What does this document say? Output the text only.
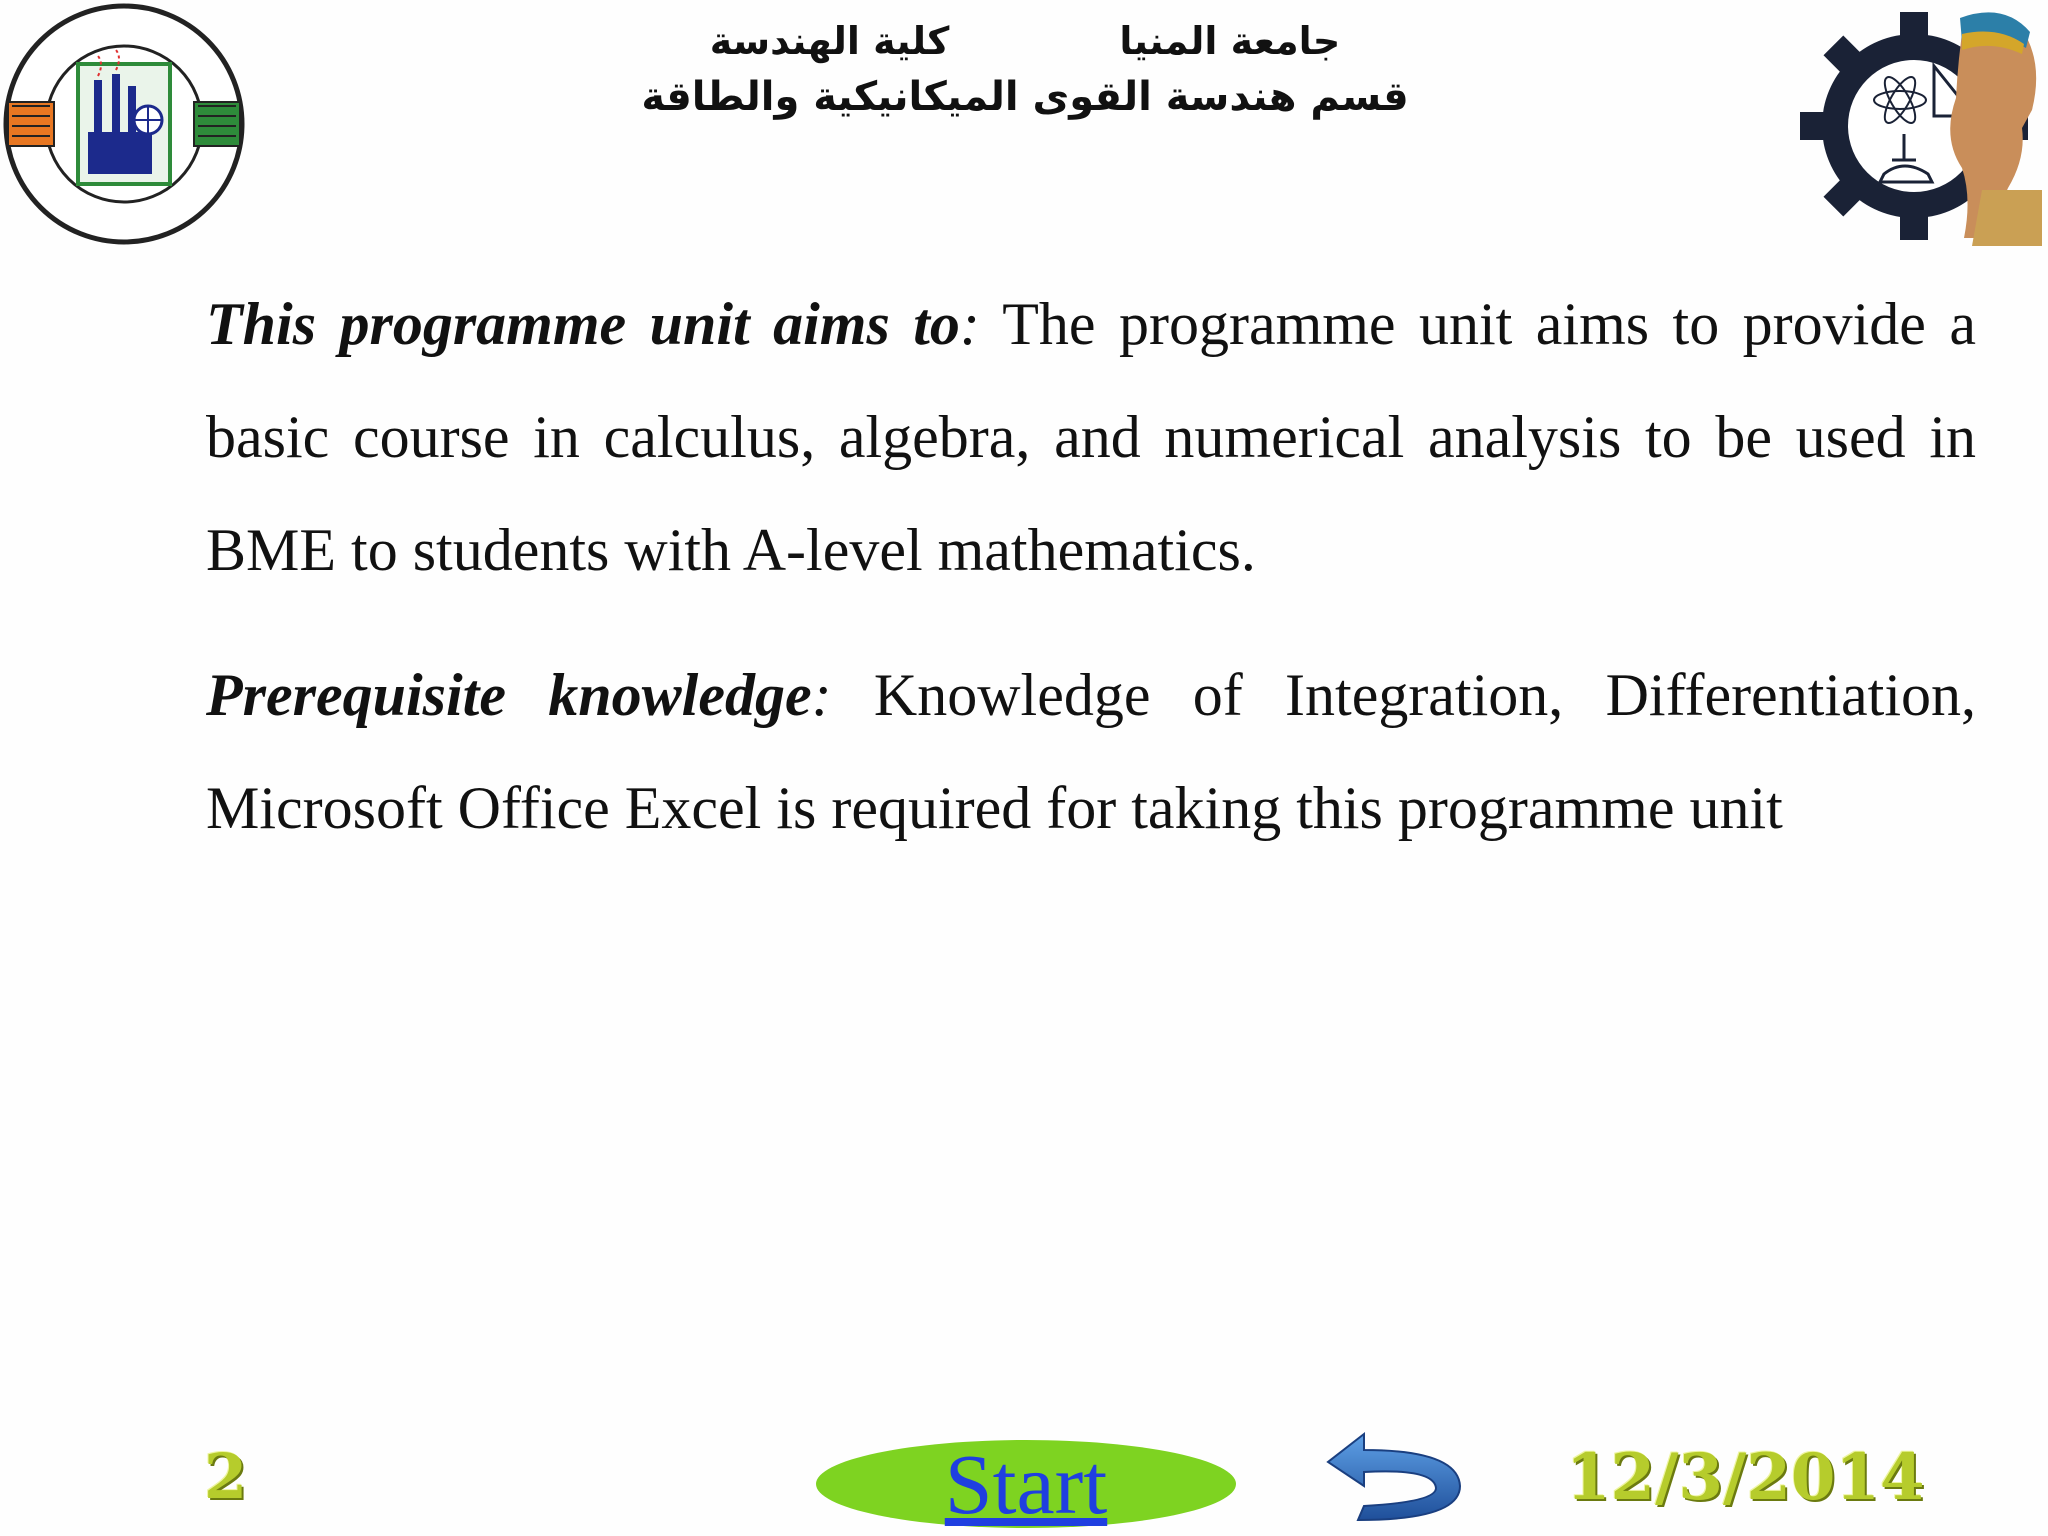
جامعة المنيا
كلية الهندسة
قسم هندسة القوى الميكانيكية والطاقة

This programme unit aims to: The programme unit aims to provide a basic course in calculus, algebra, and numerical analysis to be used in BME to students with A-level mathematics.

Prerequisite knowledge: Knowledge of Integration, Differentiation, Microsoft Office Excel is required for taking this programme unit

2	Start	12/3/2014
